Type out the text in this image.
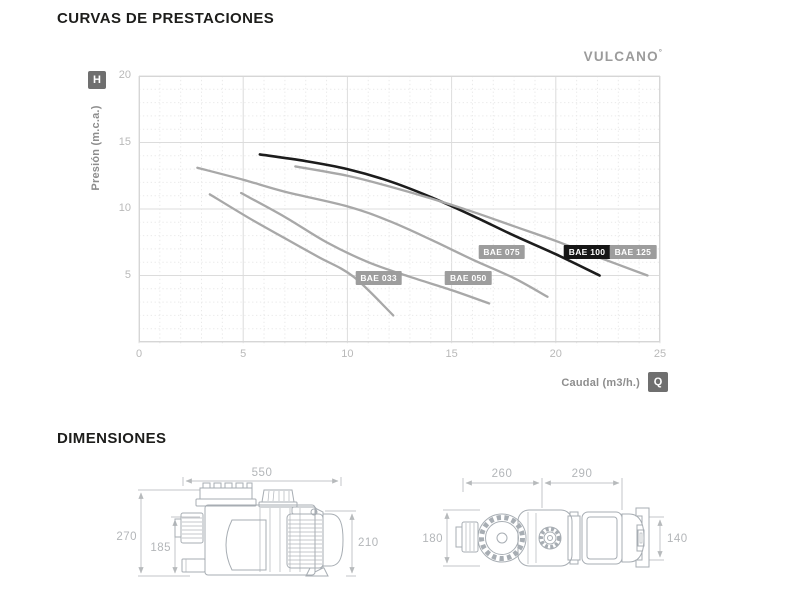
CURVAS DE PRESTACIONES
VULCANO°
H
Presión (m.c.a.)
BAE 033	BAE 050
BAE 075	BAE 100	BAE 125
0	5	10	15	20	25
5
10
15
20
Caudal (m3/h.)	Q
DIMENSIONES
550
270
185	210
260	290
180	140
